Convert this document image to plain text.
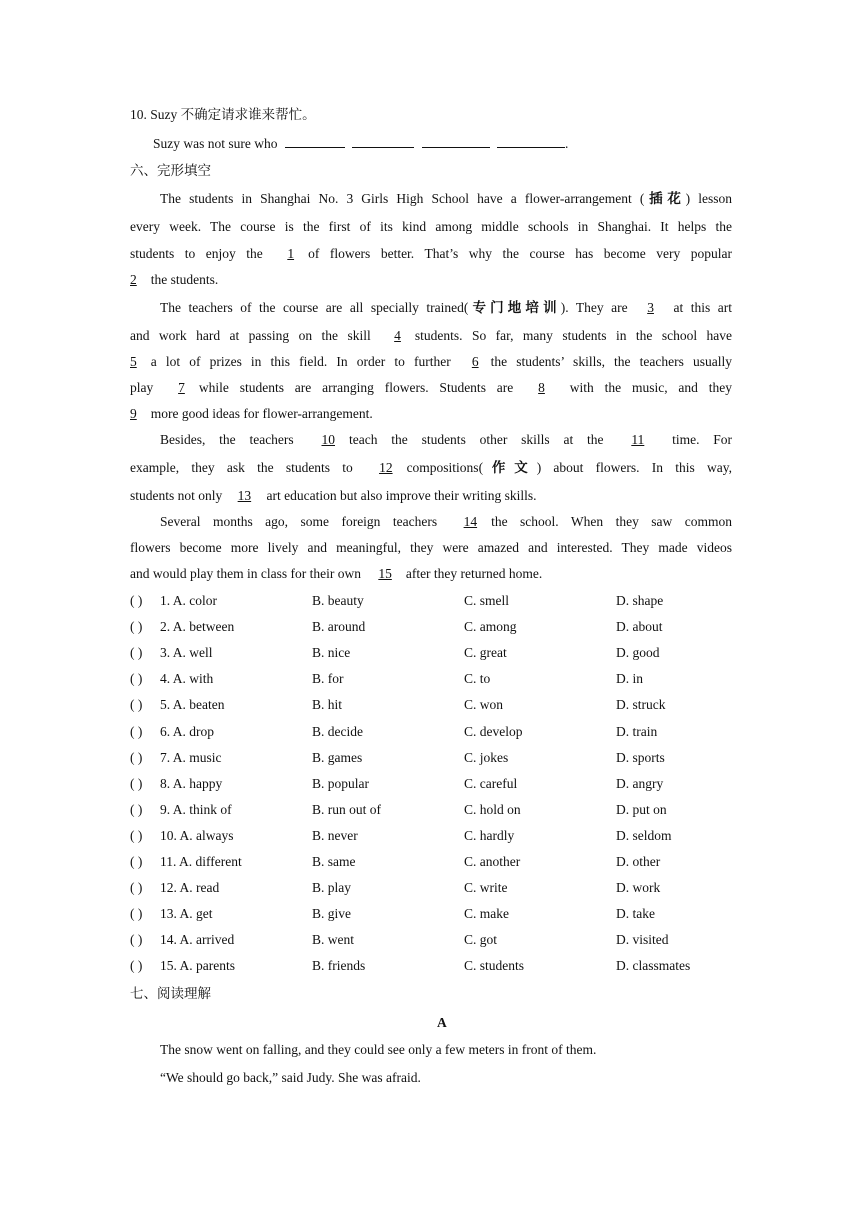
10. Suzy 不确定请求谁来帮忙。
Suzy was not sure who	.
六、完形填空
The students in Shanghai No. 3 Girls High School have a flower-arrangement (插花) lesson
every week. The course is the first of its kind among middle schools in Shanghai. It helps the
students to enjoy the 1 of flowers better. That’s why the course has become very popular
2 the students.
The teachers of the course are all specially trained(专门地培训). They are 3 at this art
and work hard at passing on the skill 4 students. So far, many students in the school have
5 a lot of prizes in this field. In order to further 6 the students’ skills, the teachers usually
play 7 while students are arranging flowers. Students are 8 with the music, and they
9 more good ideas for flower-arrangement.
Besides, the teachers 10 teach the students other skills at the 11 time. For
example, they ask the students to 12 compositions(作文) about flowers. In this way,
students not only 13 art education but also improve their writing skills.
Several months ago, some foreign teachers 14 the school. When they saw common
flowers become more lively and meaningful, they were amazed and interested. They made videos
and would play them in class for their own 15 after they returned home.
( ) 1. A. color	B. beauty	C. smell	D. shape
( ) 2. A. between	B. around	C. among	D. about
( ) 3. A. well	B. nice	C. great	D. good
( ) 4. A. with	B. for	C. to	D. in
( ) 5. A. beaten	B. hit	C. won	D. struck
( ) 6. A. drop	B. decide	C. develop	D. train
( ) 7. A. music	B. games	C. jokes	D. sports
( ) 8. A. happy	B. popular	C. careful	D. angry
( ) 9. A. think of	B. run out of	C. hold on	D. put on
( ) 10. A. always	B. never	C. hardly	D. seldom
( ) 11. A. different	B. same	C. another	D. other
( ) 12. A. read	B. play	C. write	D. work
( ) 13. A. get	B. give	C. make	D. take
( ) 14. A. arrived	B. went	C. got	D. visited
( ) 15. A. parents	B. friends	C. students	D. classmates
七、阅读理解
A
The snow went on falling, and they could see only a few meters in front of them.
“We should go back,” said Judy. She was afraid.
